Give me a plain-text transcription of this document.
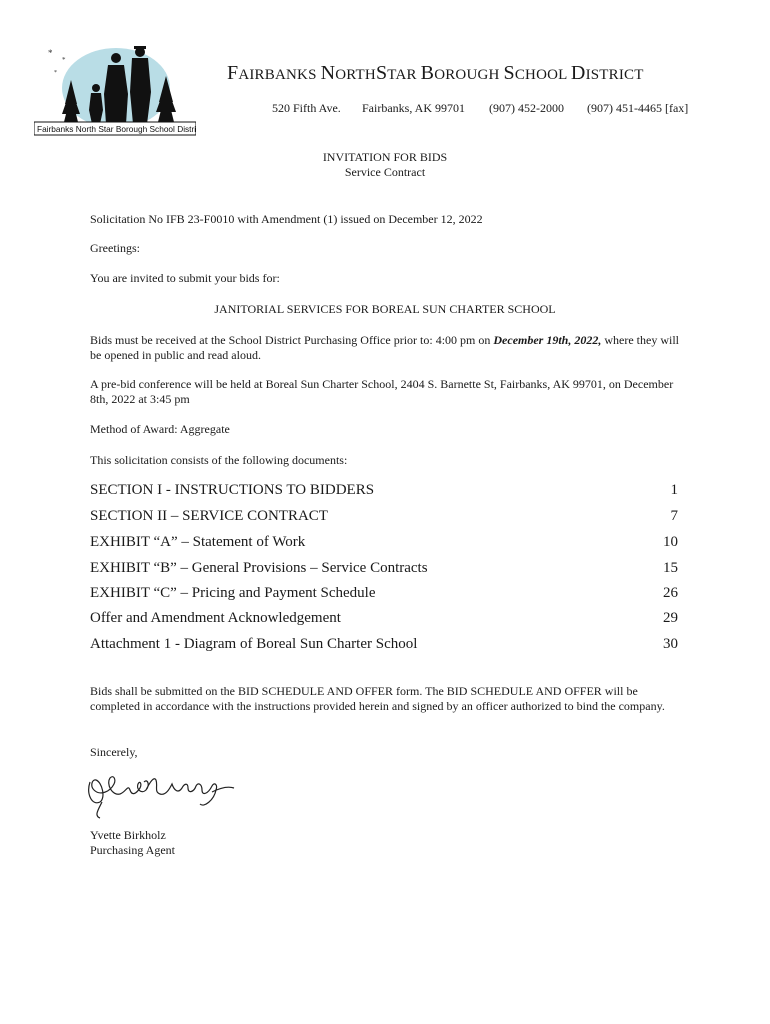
*
*
*
Fairbanks North Star Borough School District
FAIRBANKS NORTHSTAR BOROUGH SCHOOL DISTRICT
520 Fifth Ave. Fairbanks, AK 99701 (907) 452-2000 (907) 451-4465 [fax]
INVITATION FOR BIDS
Service Contract
Solicitation No IFB 23-F0010 with Amendment (1) issued on December 12, 2022
Greetings:
You are invited to submit your bids for:
JANITORIAL SERVICES FOR BOREAL SUN CHARTER SCHOOL
Bids must be received at the School District Purchasing Office prior to: 4:00 pm on December 19th, 2022, where they will be opened in public and read aloud.
A pre-bid conference will be held at Boreal Sun Charter School, 2404 S. Barnette St, Fairbanks, AK 99701, on December 8th, 2022 at 3:45 pm
Method of Award: Aggregate
This solicitation consists of the following documents:
SECTION I - INSTRUCTIONS TO BIDDERS	1
SECTION II – SERVICE CONTRACT	7
EXHIBIT “A” – Statement of Work	10
EXHIBIT “B” – General Provisions – Service Contracts	15
EXHIBIT “C” – Pricing and Payment Schedule	26
Offer and Amendment Acknowledgement	29
Attachment 1 - Diagram of Boreal Sun Charter School	30
Bids shall be submitted on the BID SCHEDULE AND OFFER form. The BID SCHEDULE AND OFFER will be completed in accordance with the instructions provided herein and signed by an officer authorized to bind the company.
Sincerely,
Yvette Birkholz
Purchasing Agent
